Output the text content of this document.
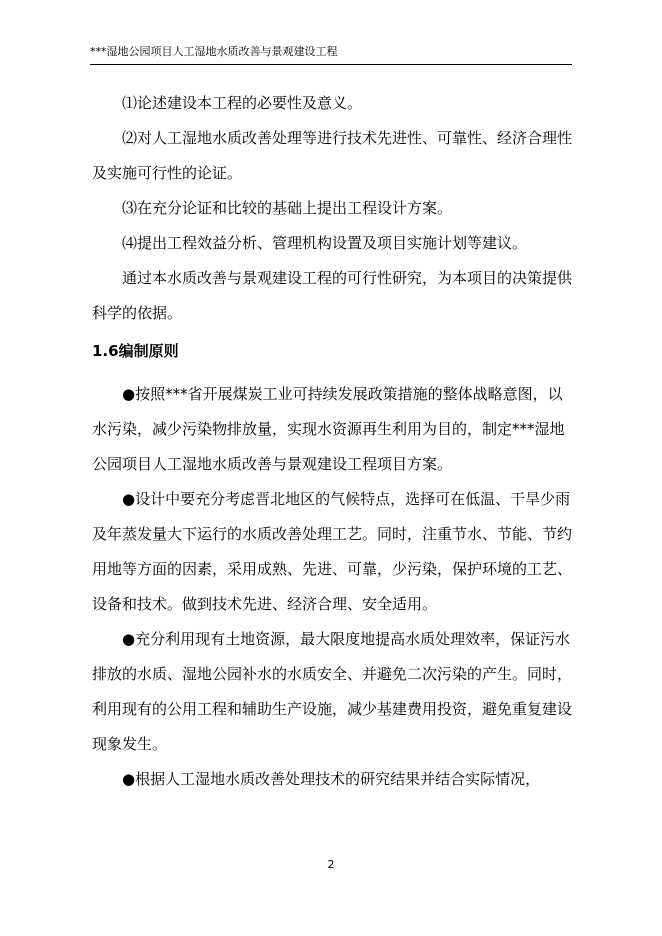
***湿地公园项目人工湿地水质改善与景观建设工程

⑴论述建设本工程的必要性及意义。

⑵对人工湿地水质改善处理等进行技术先进性、可靠性、经济合理性及实施可行性的论证。

⑶在充分论证和比较的基础上提出工程设计方案。

⑷提出工程效益分析、管理机构设置及项目实施计划等建议。

通过本水质改善与景观建设工程的可行性研究，为本项目的决策提供科学的依据。

1.6编制原则

●按照***省开展煤炭工业可持续发展政策措施的整体战略意图，以水污染，减少污染物排放量，实现水资源再生利用为目的，制定***湿地公园项目人工湿地水质改善与景观建设工程项目方案。

●设计中要充分考虑晋北地区的气候特点，选择可在低温、干旱少雨及年蒸发量大下运行的水质改善处理工艺。同时，注重节水、节能、节约用地等方面的因素，采用成熟、先进、可靠，少污染，保护环境的工艺、设备和技术。做到技术先进、经济合理、安全适用。

●充分利用现有土地资源，最大限度地提高水质处理效率，保证污水排放的水质、湿地公园补水的水质安全、并避免二次污染的产生。同时，利用现有的公用工程和辅助生产设施，减少基建费用投资，避免重复建设现象发生。

●根据人工湿地水质改善处理技术的研究结果并结合实际情况，

2
